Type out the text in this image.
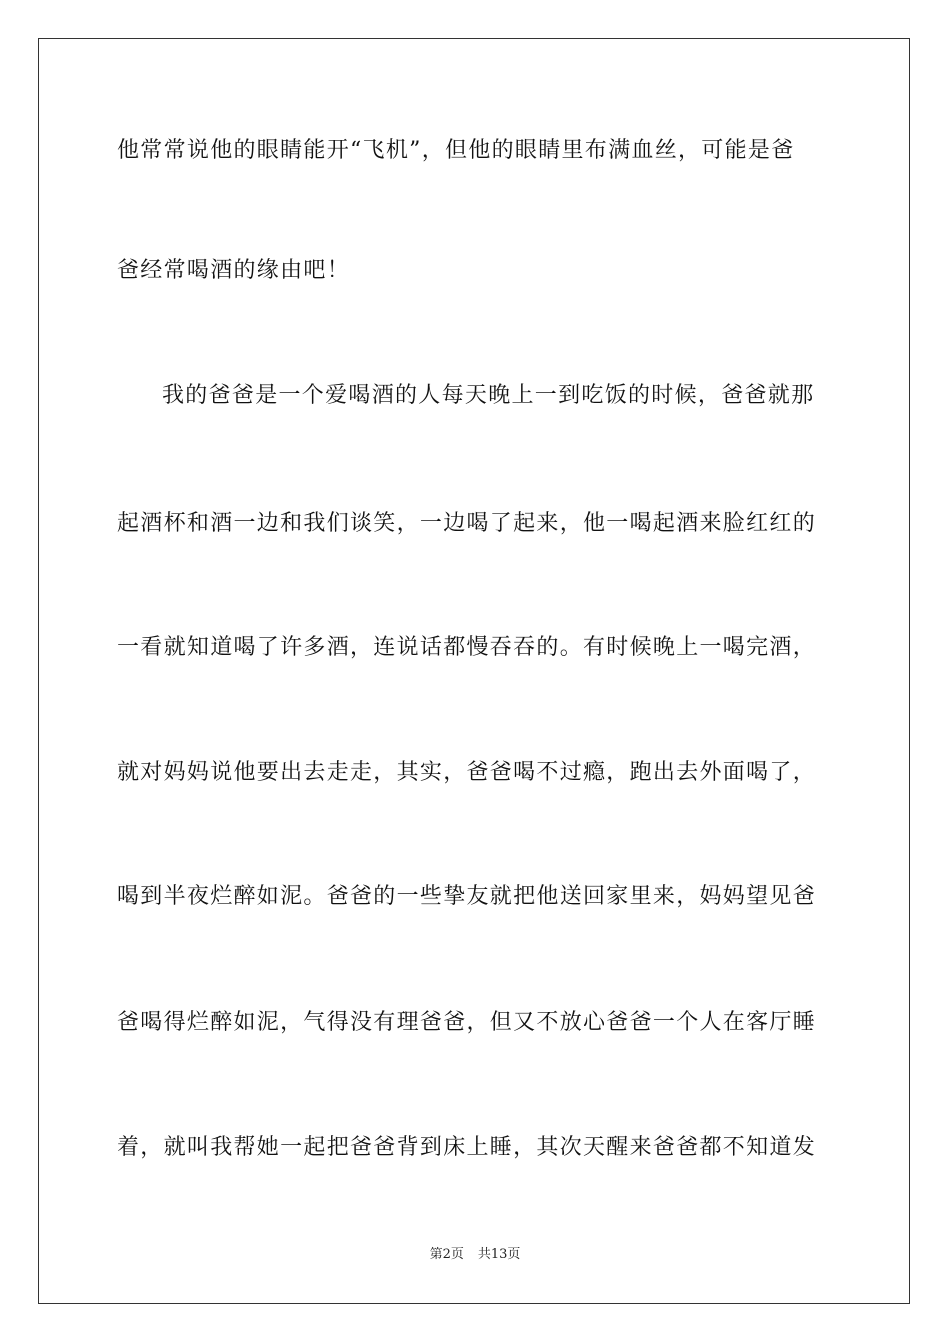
他常常说他的眼睛能开“飞机”，但他的眼睛里布满血丝，可能是爸
爸经常喝酒的缘由吧！
我的爸爸是一个爱喝酒的人每天晚上一到吃饭的时候，爸爸就那
起酒杯和酒一边和我们谈笑，一边喝了起来，他一喝起酒来脸红红的
一看就知道喝了许多酒，连说话都慢吞吞的。有时候晚上一喝完酒，
就对妈妈说他要出去走走，其实，爸爸喝不过瘾，跑出去外面喝了，
喝到半夜烂醉如泥。爸爸的一些挚友就把他送回家里来，妈妈望见爸
爸喝得烂醉如泥，气得没有理爸爸，但又不放心爸爸一个人在客厅睡
着，就叫我帮她一起把爸爸背到床上睡，其次天醒来爸爸都不知道发
第2页 共13页
